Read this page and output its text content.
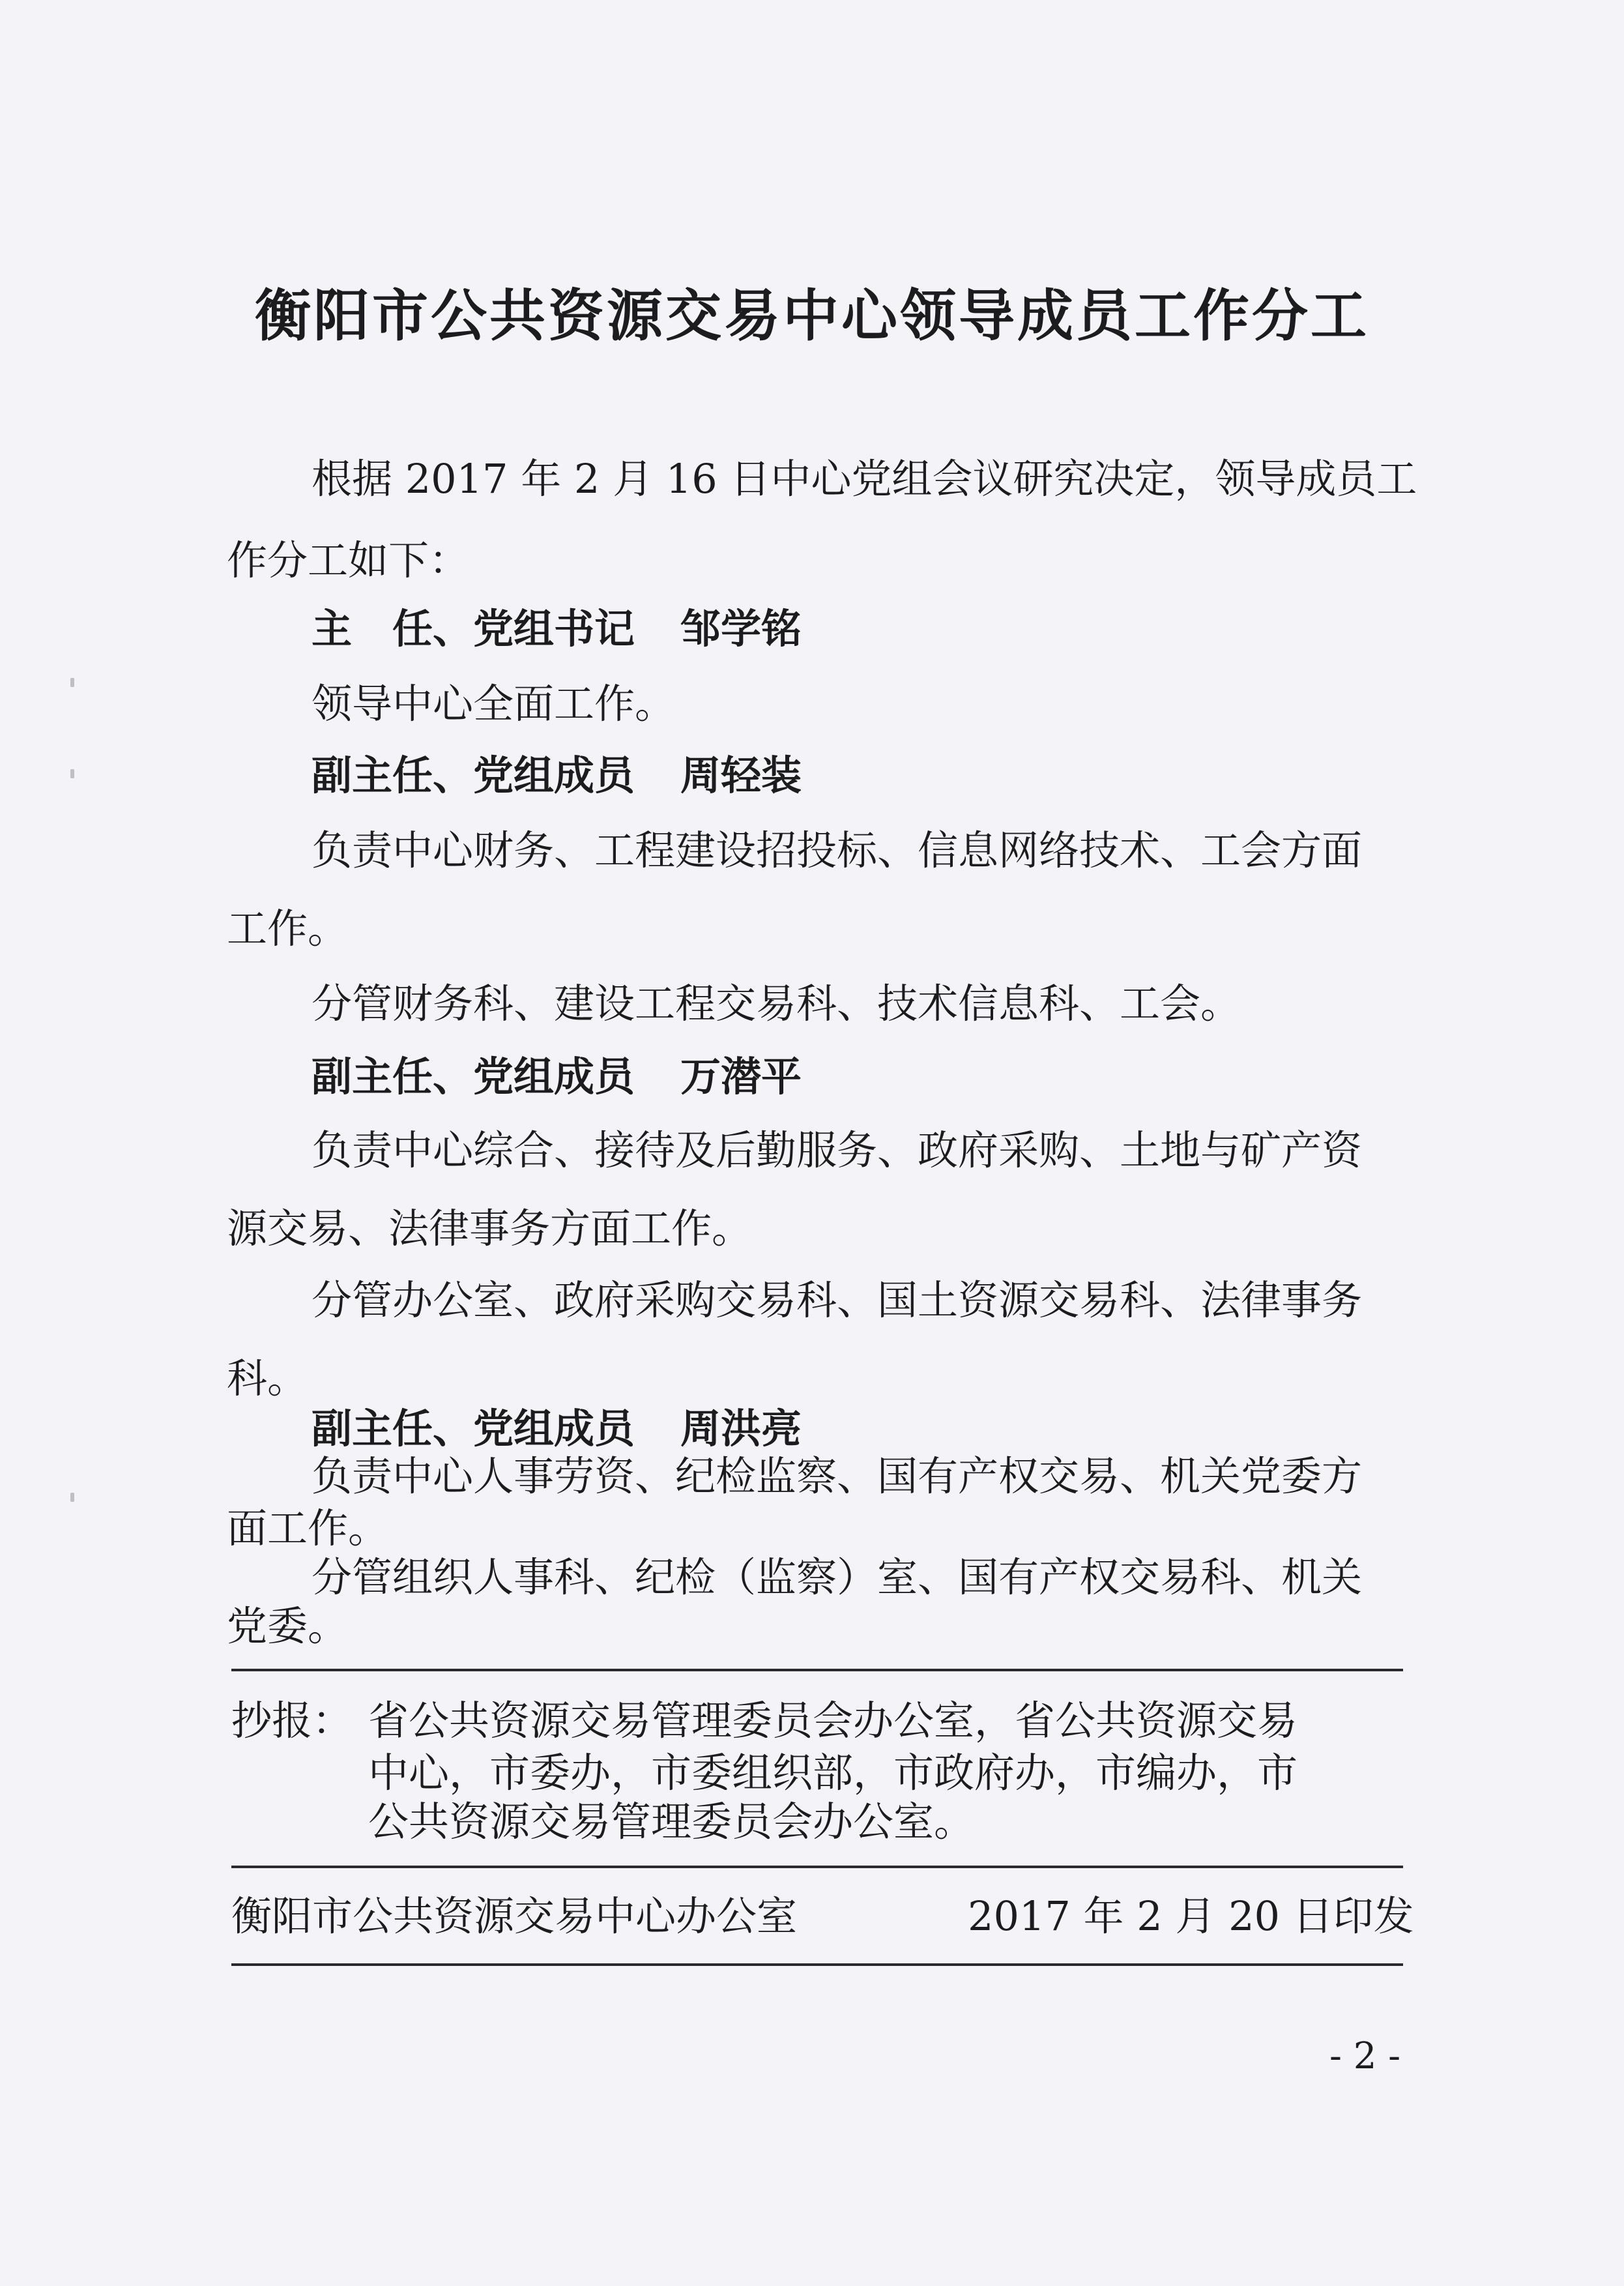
衡阳市公共资源交易中心领导成员工作分工
根据 2017 年 2 月 16 日中心党组会议研究决定，领导成员工
作分工如下：
主　任、党组书记 邹学铭
领导中心全面工作。
副主任、党组成员 周轻装
负责中心财务、工程建设招投标、信息网络技术、工会方面
工作。
分管财务科、建设工程交易科、技术信息科、工会。
副主任、党组成员 万潜平
负责中心综合、接待及后勤服务、政府采购、土地与矿产资
源交易、法律事务方面工作。
分管办公室、政府采购交易科、国土资源交易科、法律事务
科。
副主任、党组成员 周洪亮
负责中心人事劳资、纪检监察、国有产权交易、机关党委方
面工作。
分管组织人事科、纪检（监察）室、国有产权交易科、机关
党委。
抄报： 省公共资源交易管理委员会办公室，省公共资源交易
中心，市委办，市委组织部，市政府办，市编办，市
公共资源交易管理委员会办公室。
衡阳市公共资源交易中心办公室	2017 年 2 月 20 日印发
- 2 -
